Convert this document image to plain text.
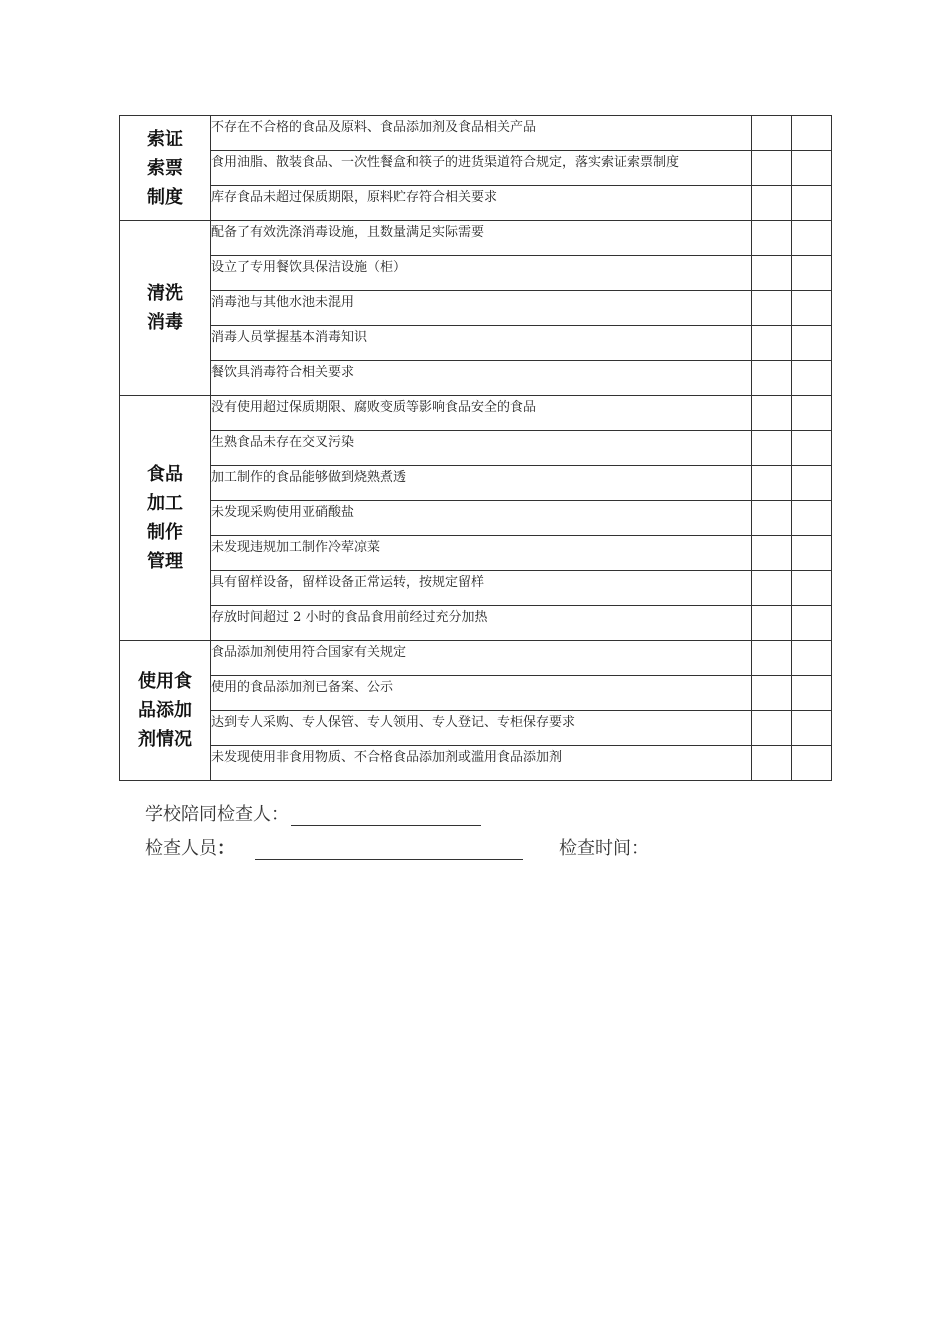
索证
索票
制度	不存在不合格的食品及原料、食品添加剂及食品相关产品		
	食用油脂、散装食品、一次性餐盒和筷子的进货渠道符合规定，落实索证索票制度		
	库存食品未超过保质期限，原料贮存符合相关要求		

清洗
消毒	配备了有效洗涤消毒设施，且数量满足实际需要		
	设立了专用餐饮具保洁设施（柜）		
	消毒池与其他水池未混用		
	消毒人员掌握基本消毒知识		
	餐饮具消毒符合相关要求		

食品
加工
制作
管理	没有使用超过保质期限、腐败变质等影响食品安全的食品		
	生熟食品未存在交叉污染		
	加工制作的食品能够做到烧熟煮透		
	未发现采购使用亚硝酸盐		
	未发现违规加工制作冷荤凉菜		
	具有留样设备，留样设备正常运转，按规定留样		
	存放时间超过 2 小时的食品食用前经过充分加热		

使用食
品添加
剂情况	食品添加剂使用符合国家有关规定		
	使用的食品添加剂已备案、公示		
	达到专人采购、专人保管、专人领用、专人登记、专柜保存要求		
	未发现使用非食用物质、不合格食品添加剂或滥用食品添加剂		
学校陪同检查人：
检查人员：	检查时间：
